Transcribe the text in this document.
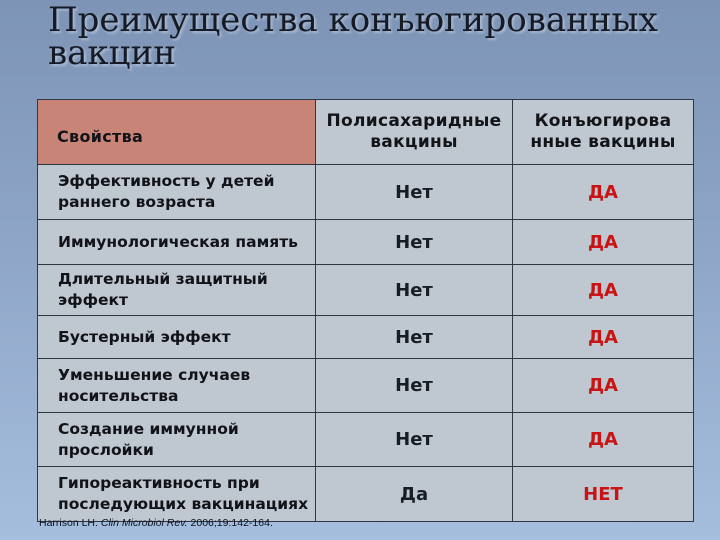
Преимущества конъюгированных
вакцин
Свойства	Полисахаридные вакцины	Конъюгирова нные вакцины
Эффективность у детей раннего возраста	Нет	ДА
Иммунологическая память	Нет	ДА
Длительный защитный эффект	Нет	ДА
Бустерный эффект	Нет	ДА
Уменьшение случаев носительства	Нет	ДА
Создание иммунной прослойки	Нет	ДА
Гипореактивность при последующих вакцинациях	Да	НЕТ
Harrison LH. Clin Microbiol Rev. 2006;19:142-164.
